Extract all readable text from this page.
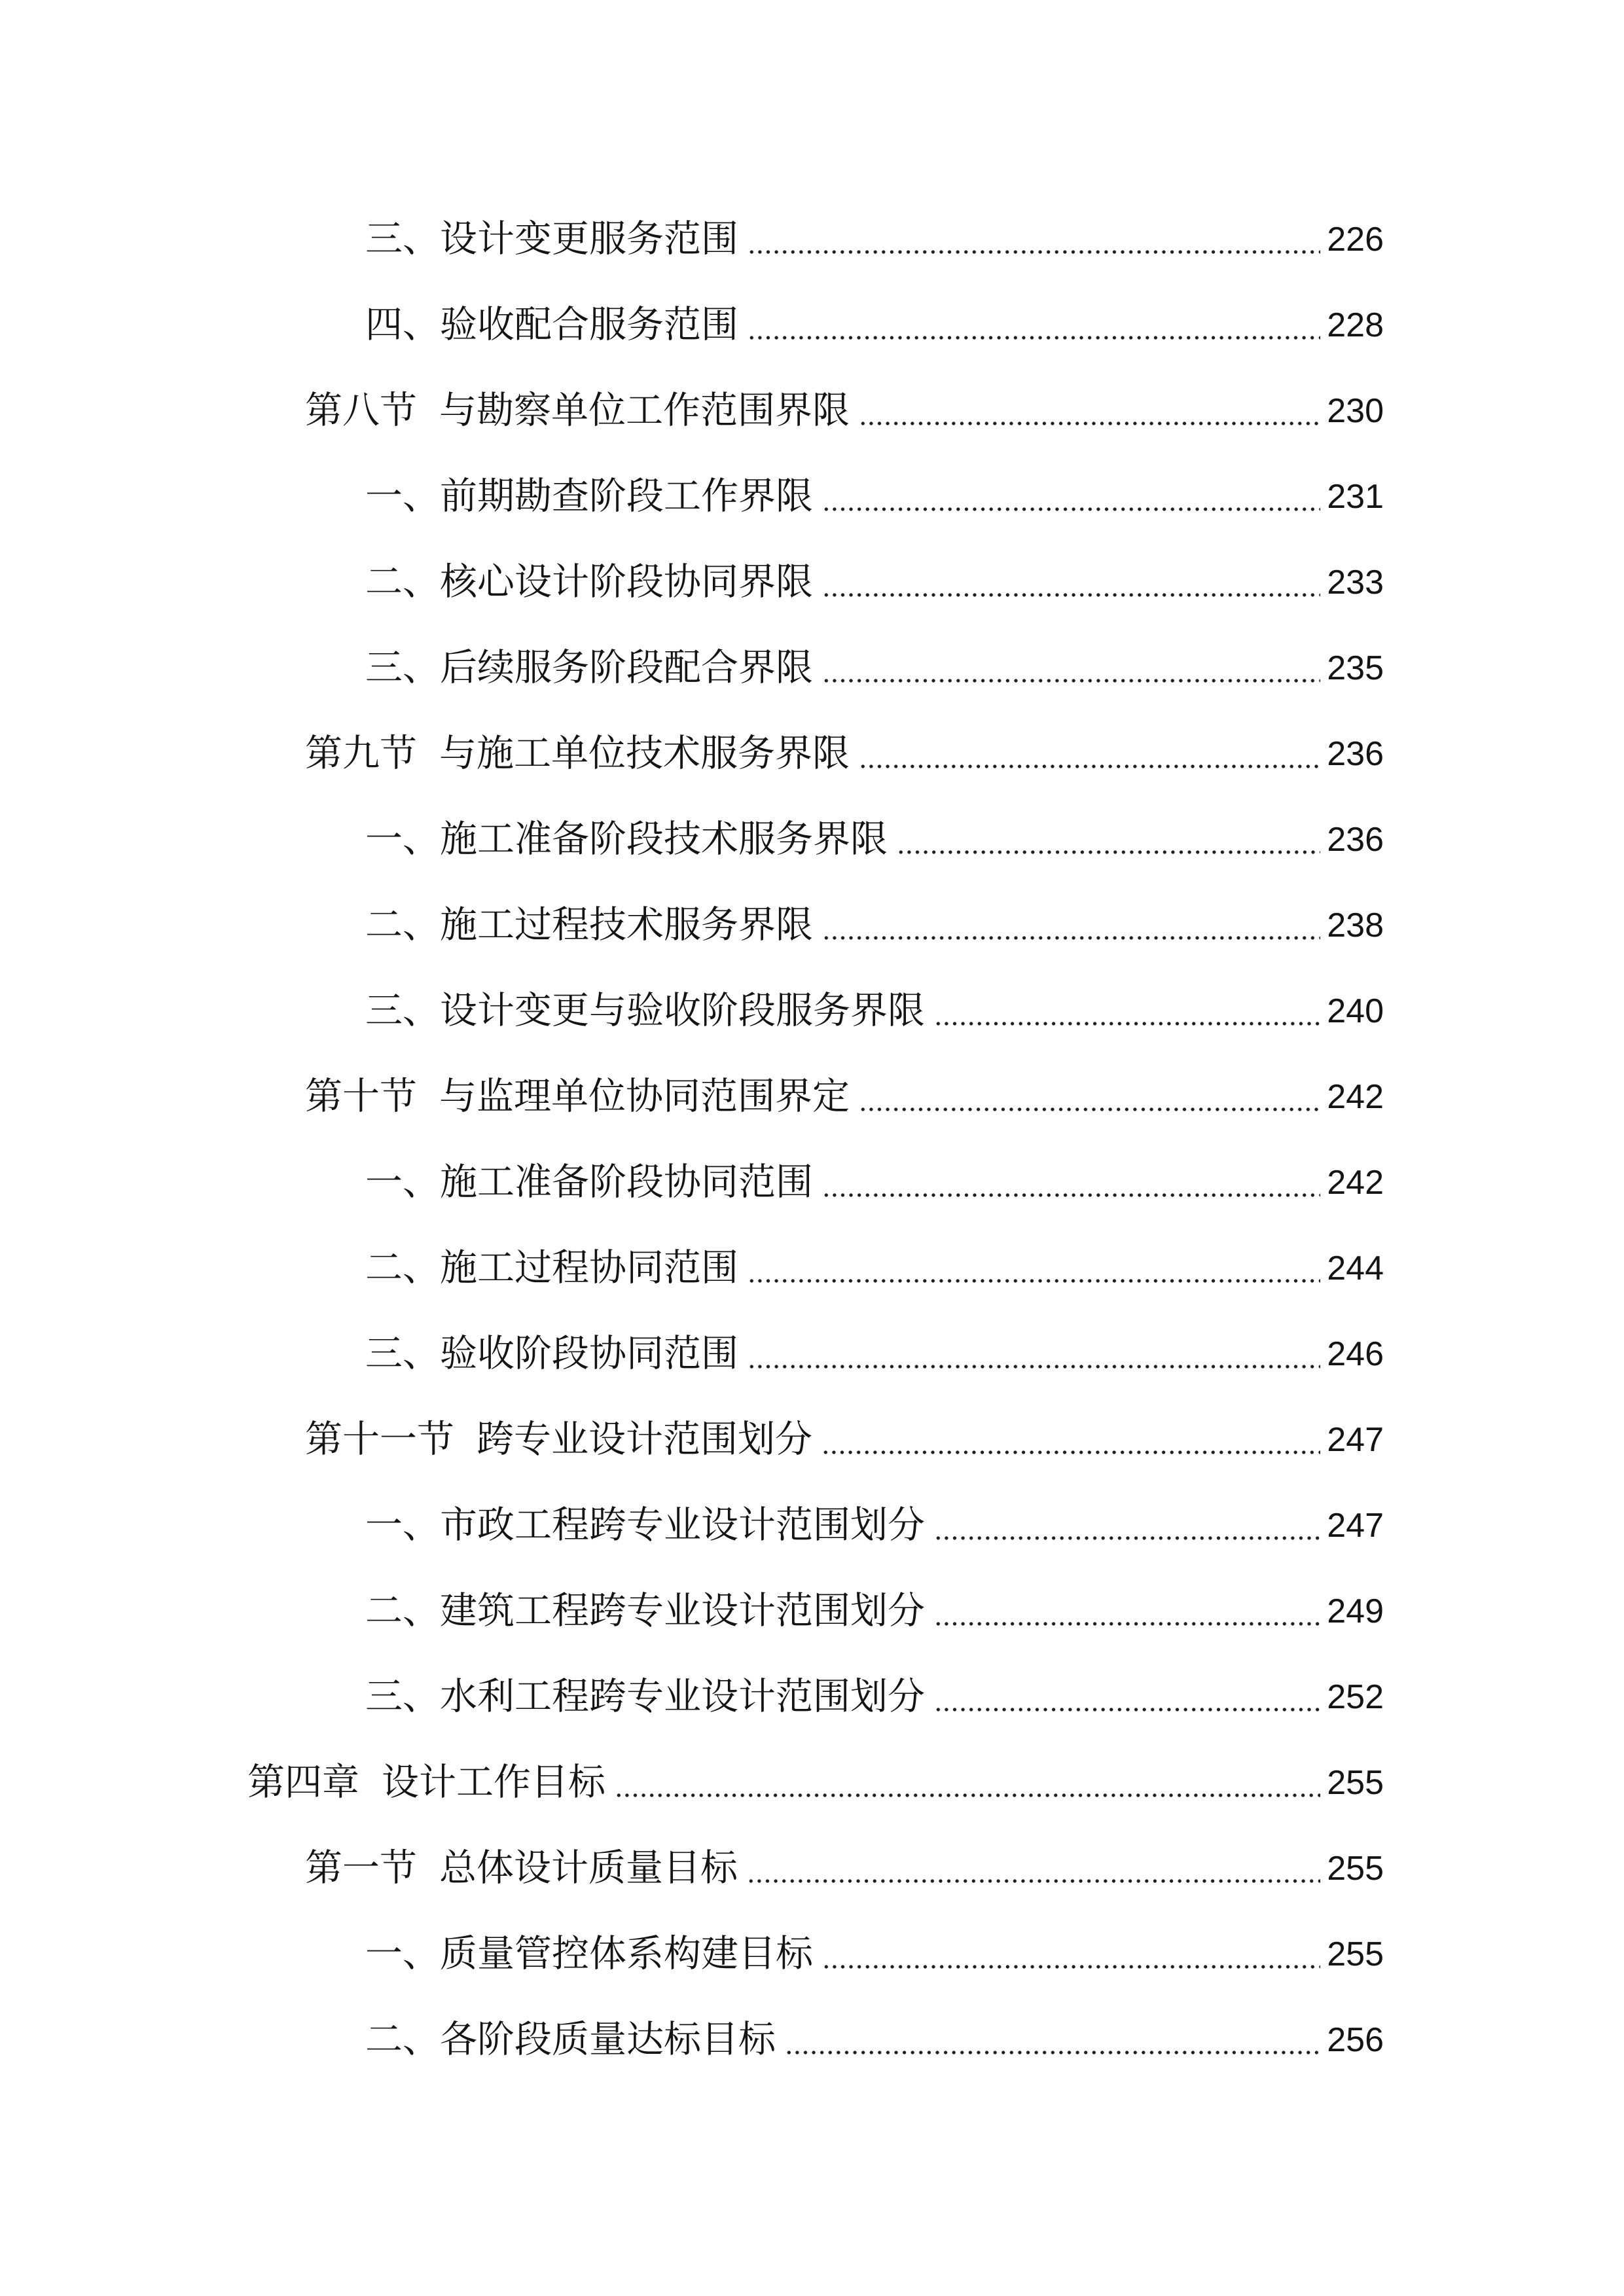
三、设计变更服务范围	226
四、验收配合服务范围	228
第八节 与勘察单位工作范围界限	230
一、前期勘查阶段工作界限	231
二、核心设计阶段协同界限	233
三、后续服务阶段配合界限	235
第九节 与施工单位技术服务界限	236
一、施工准备阶段技术服务界限	236
二、施工过程技术服务界限	238
三、设计变更与验收阶段服务界限	240
第十节 与监理单位协同范围界定	242
一、施工准备阶段协同范围	242
二、施工过程协同范围	244
三、验收阶段协同范围	246
第十一节 跨专业设计范围划分	247
一、市政工程跨专业设计范围划分	247
二、建筑工程跨专业设计范围划分	249
三、水利工程跨专业设计范围划分	252
第四章 设计工作目标	255
第一节 总体设计质量目标	255
一、质量管控体系构建目标	255
二、各阶段质量达标目标	256
